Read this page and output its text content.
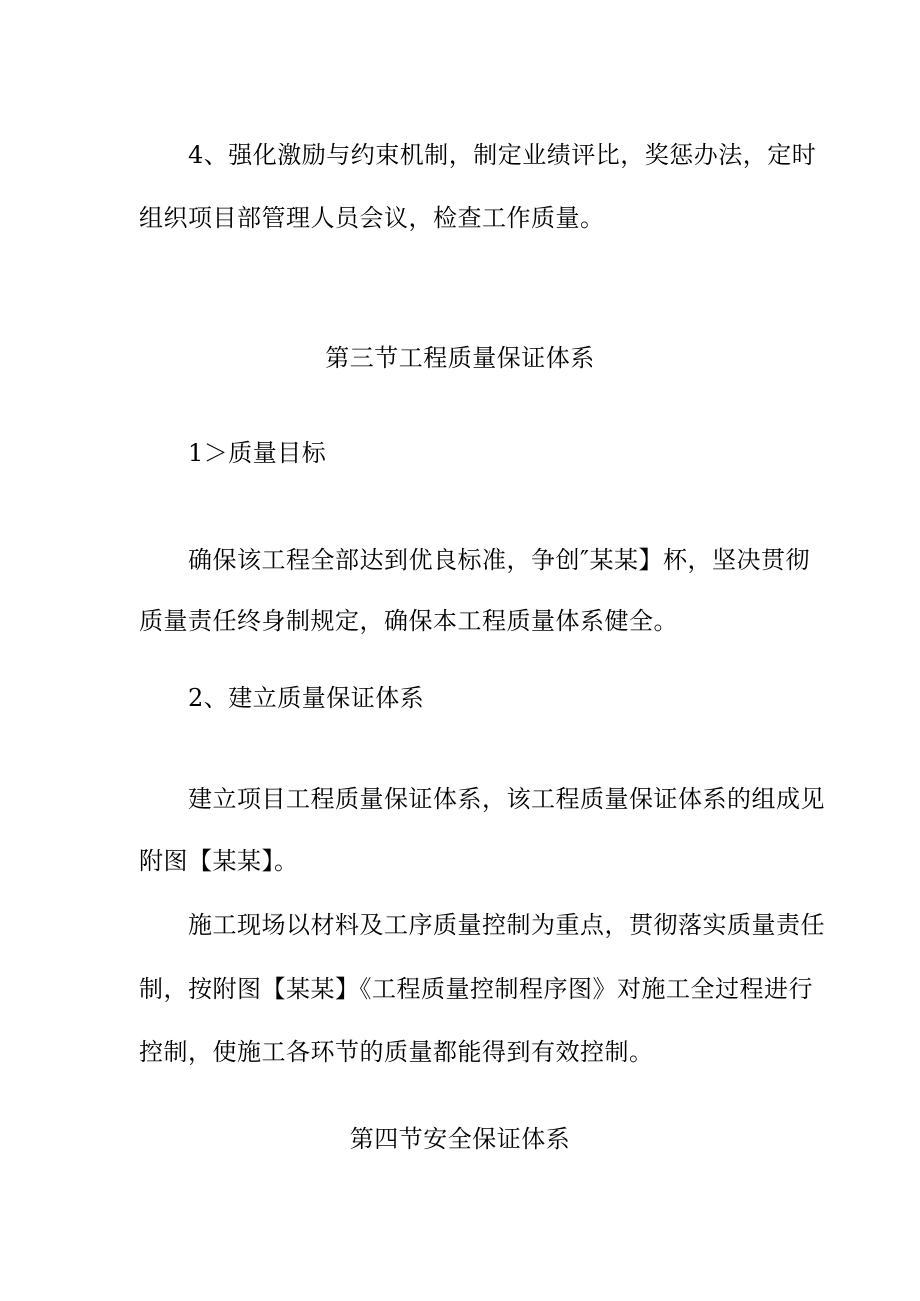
4、强化激励与约束机制，制定业绩评比，奖惩办法，定时
组织项目部管理人员会议，检查工作质量。
第三节工程质量保证体系
1＞质量目标
确保该工程全部达到优良标准，争创″某某】杯，坚决贯彻
质量责任终身制规定，确保本工程质量体系健全。
2、建立质量保证体系
建立项目工程质量保证体系，该工程质量保证体系的组成见
附图【某某】。
施工现场以材料及工序质量控制为重点，贯彻落实质量责任
制，按附图【某某】《工程质量控制程序图》对施工全过程进行
控制，使施工各环节的质量都能得到有效控制。
第四节安全保证体系
